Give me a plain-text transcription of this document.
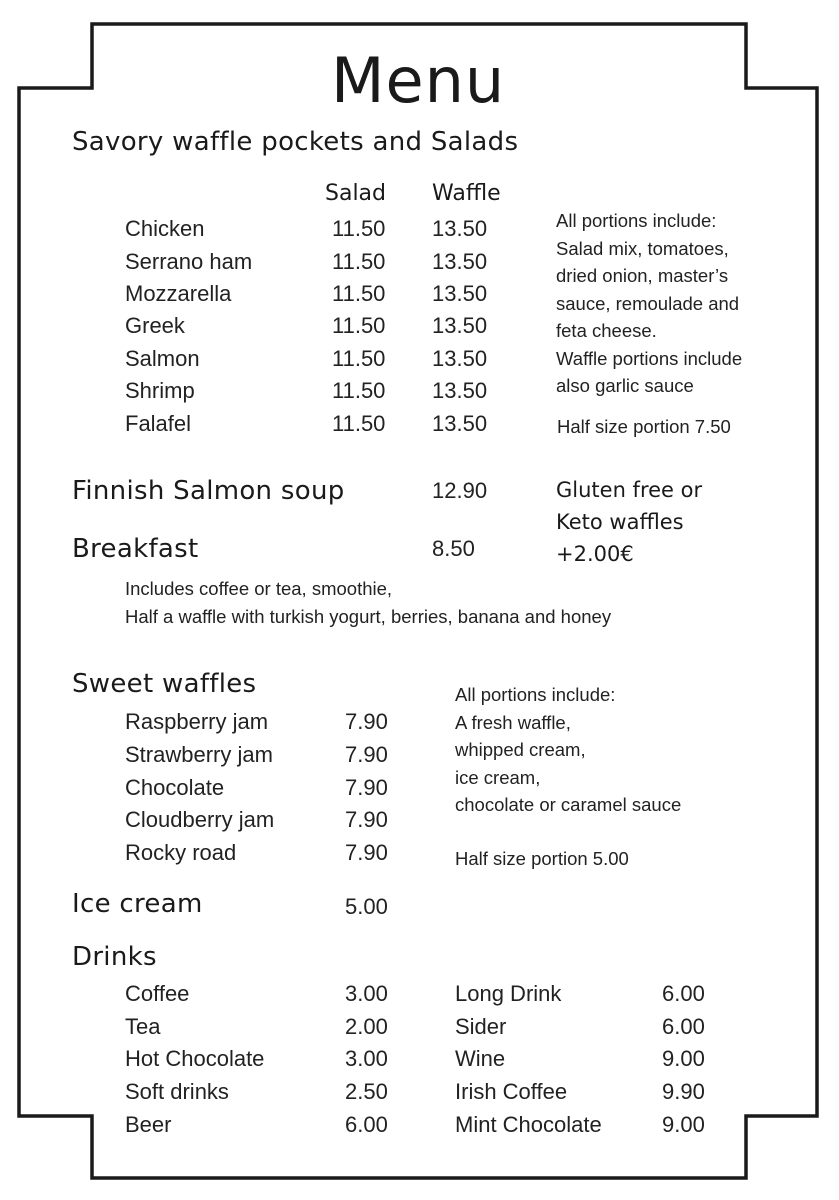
Menu
Savory waffle pockets and Salads
Salad Waffle
Chicken	11.50 13.50
Serrano ham	11.50 13.50
Mozzarella	11.50 13.50
Greek	11.50 13.50
Salmon	11.50 13.50
Shrimp	11.50 13.50
Falafel	11.50 13.50
All portions include:
Salad mix, tomatoes,
dried onion, master’s
sauce, remoulade and
feta cheese.
Waffle portions include
also garlic sauce
Half size portion 7.50
Finnish Salmon soup	12.90
Breakfast	8.50
Includes coffee or tea, smoothie,
Half a waffle with turkish yogurt, berries, banana and honey
Gluten free or
Keto waffles
+2.00€
Sweet waffles
Raspberry jam	7.90
Strawberry jam	7.90
Chocolate	7.90
Cloudberry jam	7.90
Rocky road	7.90
All portions include:
A fresh waffle,
whipped cream,
ice cream,
chocolate or caramel sauce
Half size portion 5.00
Ice cream	5.00
Drinks
Coffee	3.00
Tea	2.00
Hot Chocolate	3.00
Soft drinks	2.50
Beer	6.00
Long Drink	6.00
Sider	6.00
Wine	9.00
Irish Coffee	9.90
Mint Chocolate	9.00
